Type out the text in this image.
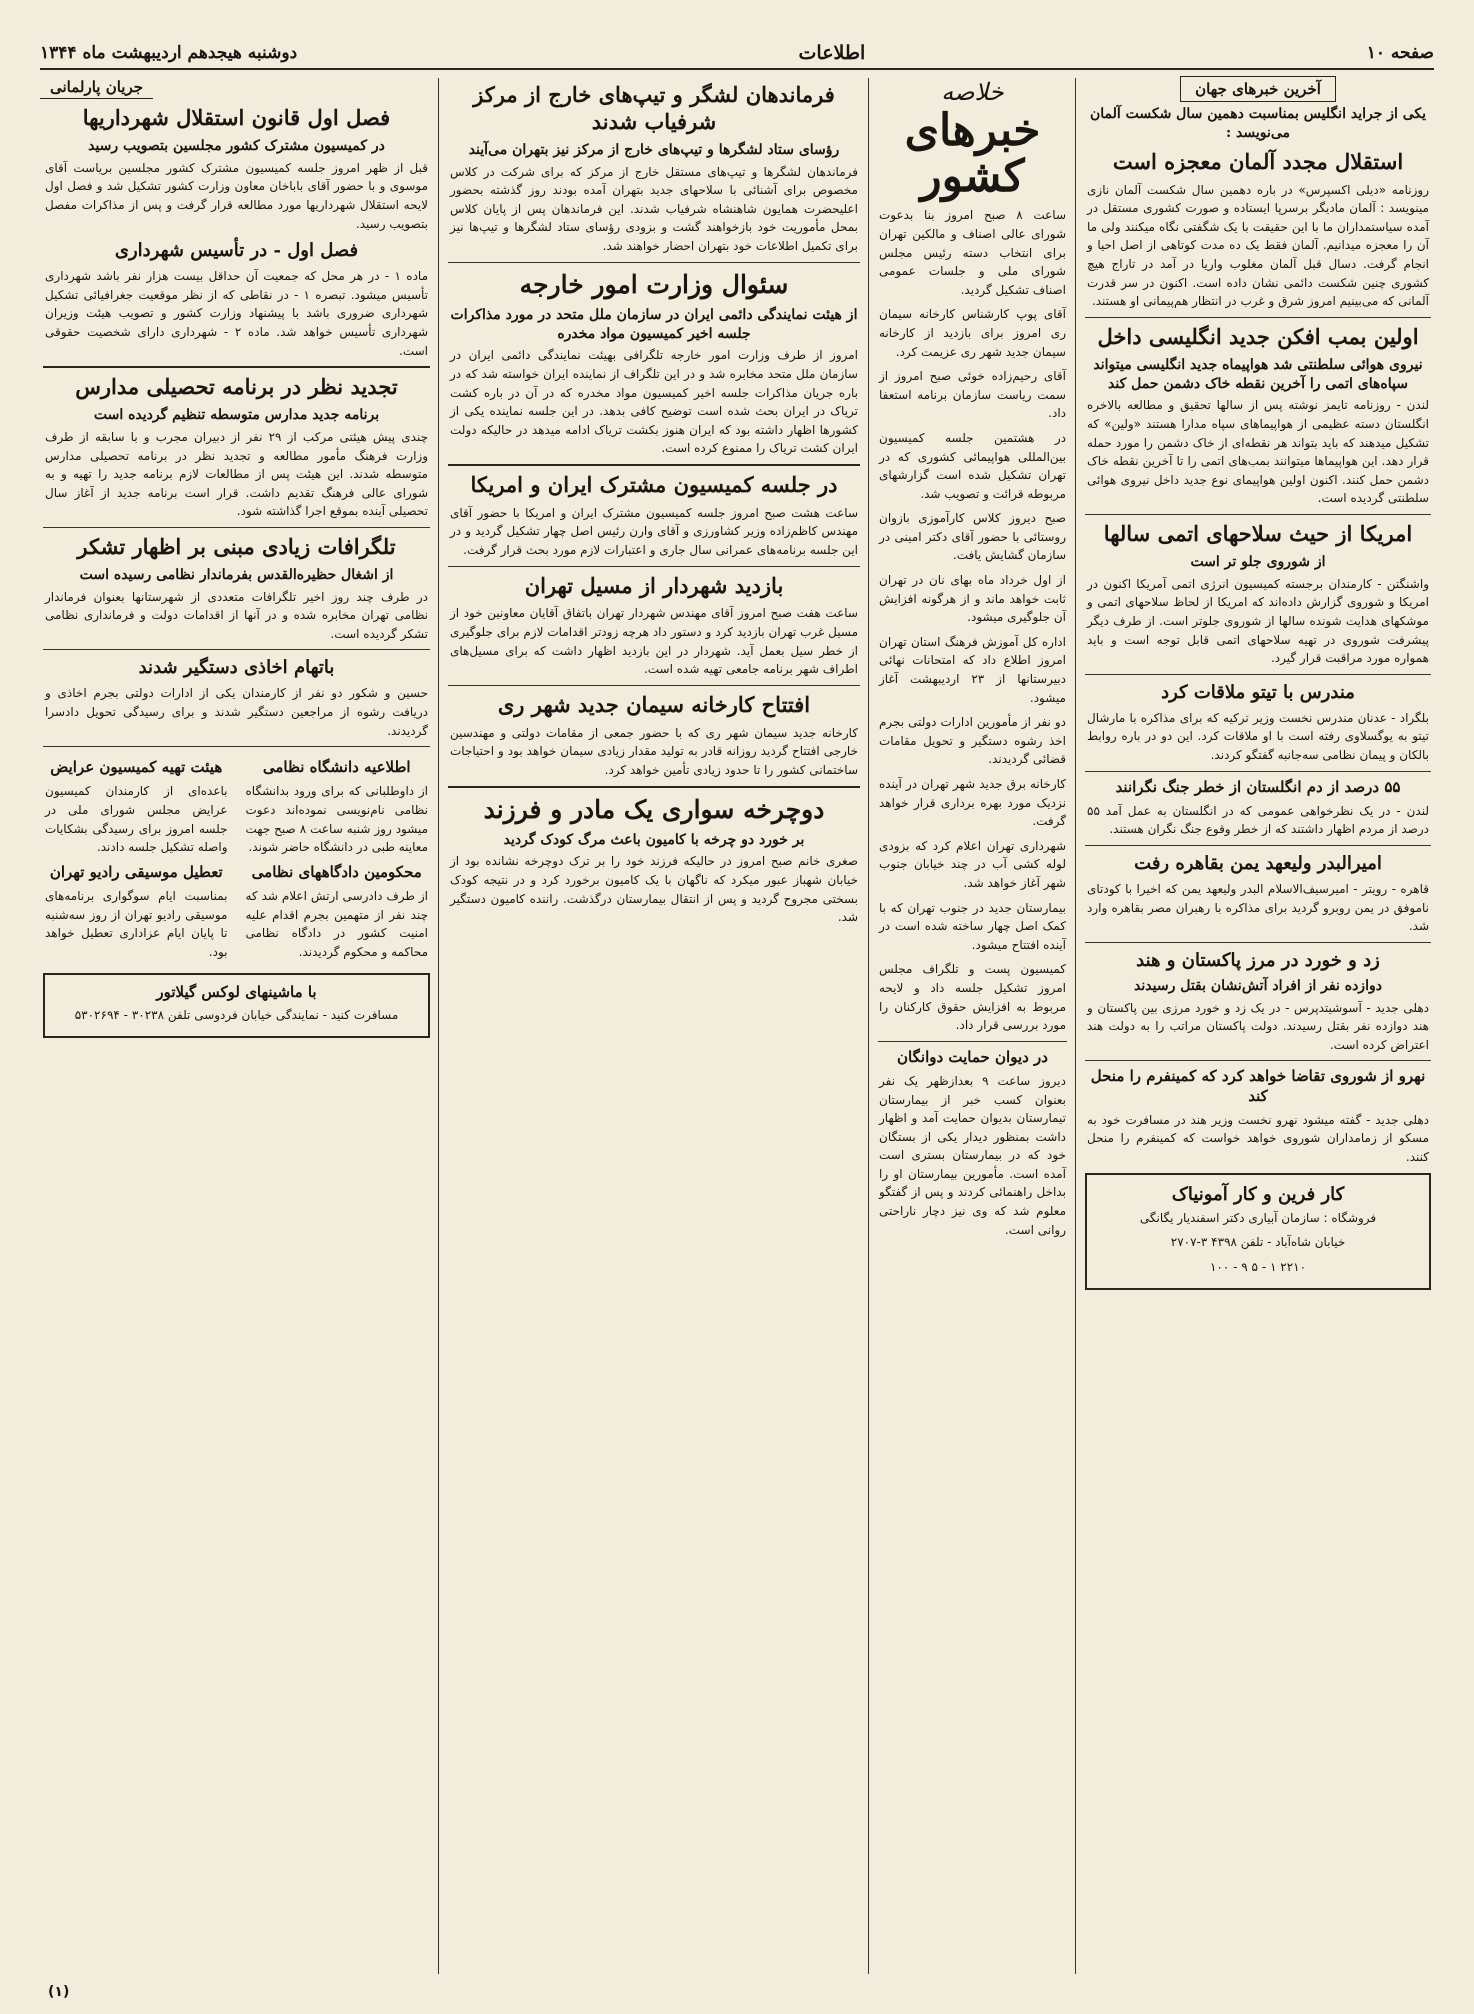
صفحه ۱۰
اطلاعات
دوشنبه هیجدهم اردیبهشت ماه ۱۳۴۴
آخرین خبرهای جهان
یکی از جراید انگلیس بمناسبت دهمین سال شکست آلمان می‌نویسد :
استقلال مجدد آلمان معجزه است
روزنامه «دیلی اکسپرس» در باره دهمین سال شکست آلمان نازی مینویسد : آلمان مادیگر برسرپا ایستاده و صورت کشوری مستقل در آمده سیاستمداران ما با این حقیقت با یک شگفتی نگاه میکنند ولی ما آن را معجزه میدانیم. آلمان فقط یک ده مدت کوتاهی از اصل احیا و انجام گرفت. دسال قبل آلمان مغلوب واریا در آمد در تاراج هیچ کشوری چنین شکست دائمی نشان داده است. اکنون در سر قدرت آلمانی که می‌بینیم امروز شرق و غرب در انتظار هم‌پیمانی او هستند.
اولین بمب افکن جدید انگلیسی داخل
نیروی هوائی سلطنتی شد هواپیماه جدید انگلیسی میتواند سپاه‌های اتمی را آخرین نقطه خاک دشمن حمل کند
لندن - روزنامه تایمز نوشته پس از سالها تحقیق و مطالعه بالاخره انگلستان دسته عظیمی از هواپیماهای سپاه مدارا هستند «ولین» که تشکیل میدهند که باید بتواند هر نقطه‌ای از خاک دشمن را مورد حمله قرار دهد. این هواپیماها میتوانند بمب‌های اتمی را تا آخرین نقطه خاک دشمن حمل کنند. اکنون اولین هواپیمای نوع جدید داخل نیروی هوائی سلطنتی گردیده است.
امریکا از حیث سلاحهای اتمی سالها
از شوروی جلو تر است
واشنگتن - کارمندان برجسته کمیسیون انرژی اتمی آمریکا اکنون در امریکا و شوروی گزارش داده‌اند که امریکا از لحاظ سلاحهای اتمی و موشکهای هدایت شونده سالها از شوروی جلوتر است. از طرف دیگر پیشرفت شوروی در تهیه سلاحهای اتمی قابل توجه است و باید همواره مورد مراقبت قرار گیرد.
مندرس با تیتو ملاقات کرد
بلگراد - عدنان مندرس نخست وزیر ترکیه که برای مذاکره با مارشال تیتو به یوگسلاوی رفته است با او ملاقات کرد. این دو در باره روابط بالکان و پیمان نظامی سه‌جانبه گفتگو کردند.
۵۵ درصد از دم انگلستان از خطر جنگ نگرانند
لندن - در یک نظرخواهی عمومی که در انگلستان به عمل آمد ۵۵ درصد از مردم اظهار داشتند که از خطر وقوع جنگ نگران هستند.
امیرالبدر ولیعهد یمن بقاهره رفت
قاهره - رویتر - امیرسیف‌الاسلام البدر ولیعهد یمن که اخیرا با کودتای ناموفق در یمن روبرو گردید برای مذاکره با رهبران مصر بقاهره وارد شد.
زد و خورد در مرز پاکستان و هند
دوازده نفر از افراد آتش‌نشان بقتل رسیدند
دهلی جدید - آسوشیتدپرس - در یک زد و خورد مرزی بین پاکستان و هند دوازده نفر بقتل رسیدند. دولت پاکستان مراتب را به دولت هند اعتراض کرده است.
نهرو از شوروی تقاضا خواهد کرد که کمینفرم را منحل کند
دهلی جدید - گفته میشود نهرو نخست وزیر هند در مسافرت خود به مسکو از زمامداران شوروی خواهد خواست که کمینفرم را منحل کنند.
کار فرین و کار آمونیاک
فروشگاه : سازمان آبیاری دکتر اسفندیار یگانگی
خیابان شاه‌آباد - تلفن ۴۳۹۸ ۳-۲۷۰۷
۲۲۱۰ ۱ - ۵ ۹ - ۱۰۰
خلاصه
خبرهای کشور
ساعت ۸ صبح امروز بنا بدعوت شورای عالی اصناف و مالکین تهران برای انتخاب دسته رئیس مجلس شورای ملی و جلسات عمومی اصناف تشکیل گردید.
آقای پوپ کارشناس کارخانه سیمان ری امروز برای بازدید از کارخانه سیمان جدید شهر ری عزیمت کرد.
آقای رحیم‌زاده خوئی صبح امروز از سمت ریاست سازمان برنامه استعفا داد.
در هشتمین جلسه کمیسیون بین‌المللی هواپیمائی کشوری که در تهران تشکیل شده است گزارشهای مربوطه قرائت و تصویب شد.
صبح دیروز کلاس کارآموزی بازوان روستائی با حضور آقای دکتر امینی در سازمان گشایش یافت.
از اول خرداد ماه بهای نان در تهران ثابت خواهد ماند و از هرگونه افزایش آن جلوگیری میشود.
اداره کل آموزش فرهنگ استان تهران امروز اطلاع داد که امتحانات نهائی دبیرستانها از ۲۳ اردیبهشت آغاز میشود.
دو نفر از مأمورین ادارات دولتی بجرم اخذ رشوه دستگیر و تحویل مقامات قضائی گردیدند.
کارخانه برق جدید شهر تهران در آینده نزدیک مورد بهره برداری قرار خواهد گرفت.
شهرداری تهران اعلام کرد که بزودی لوله کشی آب در چند خیابان جنوب شهر آغاز خواهد شد.
بیمارستان جدید در جنوب تهران که با کمک اصل چهار ساخته شده است در آینده افتتاح میشود.
کمیسیون پست و تلگراف مجلس امروز تشکیل جلسه داد و لایحه مربوط به افزایش حقوق کارکنان را مورد بررسی قرار داد.
در دیوان حمایت دوانگان
دیروز ساعت ۹ بعدازظهر یک نفر بعنوان کسب خبر از بیمارستان تیمارستان بدیوان حمایت آمد و اظهار داشت بمنظور دیدار یکی از بستگان خود که در بیمارستان بستری است آمده است. مأمورین بیمارستان او را بداخل راهنمائی کردند و پس از گفتگو معلوم شد که وی نیز دچار ناراحتی روانی است.
فرماندهان لشگر و تیپ‌های خارج از مرکز شرفیاب شدند
رؤسای ستاد لشگرها و تیپ‌های خارج از مرکز نیز بتهران می‌آیند
فرماندهان لشگرها و تیپ‌های مستقل خارج از مرکز که برای شرکت در کلاس مخصوص برای آشنائی با سلاحهای جدید بتهران آمده بودند روز گذشته بحضور اعلیحضرت همایون شاهنشاه شرفیاب شدند. این فرماندهان پس از پایان کلاس بمحل مأموریت خود بازخواهند گشت و بزودی رؤسای ستاد لشگرها و تیپ‌ها نیز برای تکمیل اطلاعات خود بتهران احضار خواهند شد.
سئوال وزارت امور خارجه
از هیئت نمایندگی دائمی ایران در سازمان ملل متحد در مورد مذاکرات جلسه اخیر کمیسیون مواد مخدره
امروز از طرف وزارت امور خارجه تلگرافی بهیئت نمایندگی دائمی ایران در سازمان ملل متحد مخابره شد و در این تلگراف از نماینده ایران خواسته شد که در باره جریان مذاکرات جلسه اخیر کمیسیون مواد مخدره که در آن در باره کشت تریاک در ایران بحث شده است توضیح کافی بدهد. در این جلسه نماینده یکی از کشورها اظهار داشته بود که ایران هنوز بکشت تریاک ادامه میدهد در حالیکه دولت ایران کشت تریاک را ممنوع کرده است.
در جلسه کمیسیون مشترک ایران و امریکا
ساعت هشت صبح امروز جلسه کمیسیون مشترک ایران و امریکا با حضور آقای مهندس کاظم‌زاده وزیر کشاورزی و آقای وارن رئیس اصل چهار تشکیل گردید و در این جلسه برنامه‌های عمرانی سال جاری و اعتبارات لازم مورد بحث قرار گرفت.
بازدید شهردار از مسیل تهران
ساعت هفت صبح امروز آقای مهندس شهردار تهران باتفاق آقایان معاونین خود از مسیل غرب تهران بازدید کرد و دستور داد هرچه زودتر اقدامات لازم برای جلوگیری از خطر سیل بعمل آید. شهردار در این بازدید اظهار داشت که برای مسیل‌های اطراف شهر برنامه جامعی تهیه شده است.
افتتاح کارخانه سیمان جدید شهر ری
کارخانه جدید سیمان شهر ری که با حضور جمعی از مقامات دولتی و مهندسین خارجی افتتاح گردید روزانه قادر به تولید مقدار زیادی سیمان خواهد بود و احتیاجات ساختمانی کشور را تا حدود زیادی تأمین خواهد کرد.
دوچرخه سواری یک مادر و فرزند
بر خورد دو چرخه با کامیون باعث مرگ کودک گردید
صغری خانم صبح امروز در حالیکه فرزند خود را بر ترک دوچرخه نشانده بود از خیابان شهباز عبور میکرد که ناگهان با یک کامیون برخورد کرد و در نتیجه کودک بسختی مجروح گردید و پس از انتقال بیمارستان درگذشت. راننده کامیون دستگیر شد.
جریان پارلمانی
فصل اول قانون استقلال شهرداریها
در کمیسیون مشترک کشور مجلسین بتصویب رسید
قبل از ظهر امروز جلسه کمیسیون مشترک کشور مجلسین بریاست آقای موسوی و با حضور آقای باباخان معاون وزارت کشور تشکیل شد و فصل اول لایحه استقلال شهرداریها مورد مطالعه قرار گرفت و پس از مذاکرات مفصل بتصویب رسید.
فصل اول - در تأسیس شهرداری
ماده ۱ - در هر محل که جمعیت آن حداقل بیست هزار نفر باشد شهرداری تأسیس میشود. تبصره ۱ - در نقاطی که از نظر موقعیت جغرافیائی تشکیل شهرداری ضروری باشد با پیشنهاد وزارت کشور و تصویب هیئت وزیران شهرداری تأسیس خواهد شد. ماده ۲ - شهرداری دارای شخصیت حقوقی است.
تجدید نظر در برنامه تحصیلی مدارس
برنامه جدید مدارس متوسطه تنظیم گردیده است
چندی پیش هیئتی مرکب از ۲۹ نفر از دبیران مجرب و با سابقه از طرف وزارت فرهنگ مأمور مطالعه و تجدید نظر در برنامه تحصیلی مدارس متوسطه شدند. این هیئت پس از مطالعات لازم برنامه جدید را تهیه و به شورای عالی فرهنگ تقدیم داشت. قرار است برنامه جدید از آغاز سال تحصیلی آینده بموقع اجرا گذاشته شود.
تلگرافات زیادی مبنی بر اظهار تشکر
از اشغال حظیره‌القدس بفرماندار نظامی رسیده است
در طرف چند روز اخیر تلگرافات متعددی از شهرستانها بعنوان فرماندار نظامی تهران مخابره شده و در آنها از اقدامات دولت و فرمانداری نظامی تشکر گردیده است.
باتهام اخاذی دستگیر شدند
حسین و شکور دو نفر از کارمندان یکی از ادارات دولتی بجرم اخاذی و دریافت رشوه از مراجعین دستگیر شدند و برای رسیدگی تحویل دادسرا گردیدند.
اطلاعیه دانشگاه نظامی
از داوطلبانی که برای ورود بدانشگاه نظامی نام‌نویسی نموده‌اند دعوت میشود روز شنبه ساعت ۸ صبح جهت معاینه طبی در دانشگاه حاضر شوند.
محکومین دادگاههای نظامی
از طرف دادرسی ارتش اعلام شد که چند نفر از متهمین بجرم اقدام علیه امنیت کشور در دادگاه نظامی محاکمه و محکوم گردیدند.
هیئت تهیه کمیسیون عرایض
باعده‌ای از کارمندان کمیسیون عرایض مجلس شورای ملی در جلسه امروز برای رسیدگی بشکایات واصله تشکیل جلسه دادند.
تعطیل موسیقی رادیو تهران
بمناسبت ایام سوگواری برنامه‌های موسیقی رادیو تهران از روز سه‌شنبه تا پایان ایام عزاداری تعطیل خواهد بود.
با ماشینهای لوکس گیلاتور
مسافرت کنید - نمایندگی خیابان فردوسی تلفن ۳۰۲۳۸ - ۵۳۰۲۶۹۴
(۱)
